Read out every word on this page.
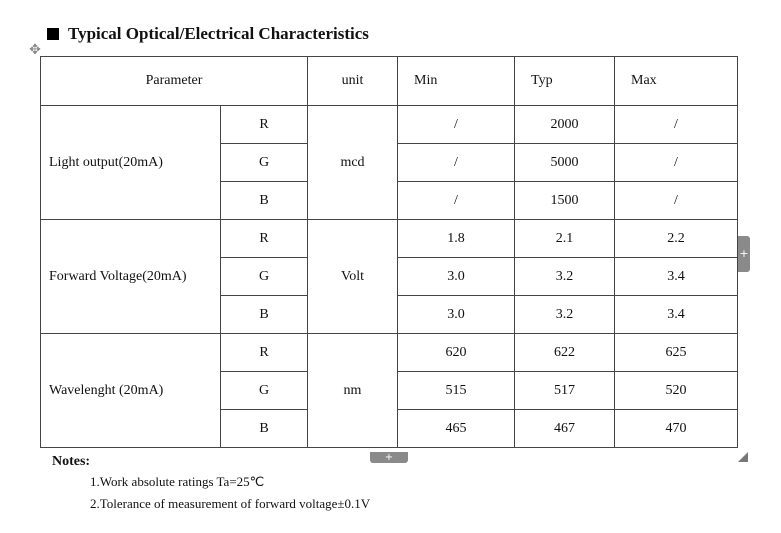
Typical Optical/Electrical Characteristics
✥
Parameter		unit	Min	Typ	Max
Light output(20mA)	R	mcd	/	2000	/
	G		/	5000	/
	B		/	1500	/
Forward Voltage(20mA)	R	Volt	1.8	2.1	2.2
	G		3.0	3.2	3.4
	B		3.0	3.2	3.4
Wavelenght (20mA)	R	nm	620	622	625
	G		515	517	520
	B		465	467	470
+
+
Notes:
1.Work absolute ratings Ta=25℃
2.Tolerance of measurement of forward voltage±0.1V
